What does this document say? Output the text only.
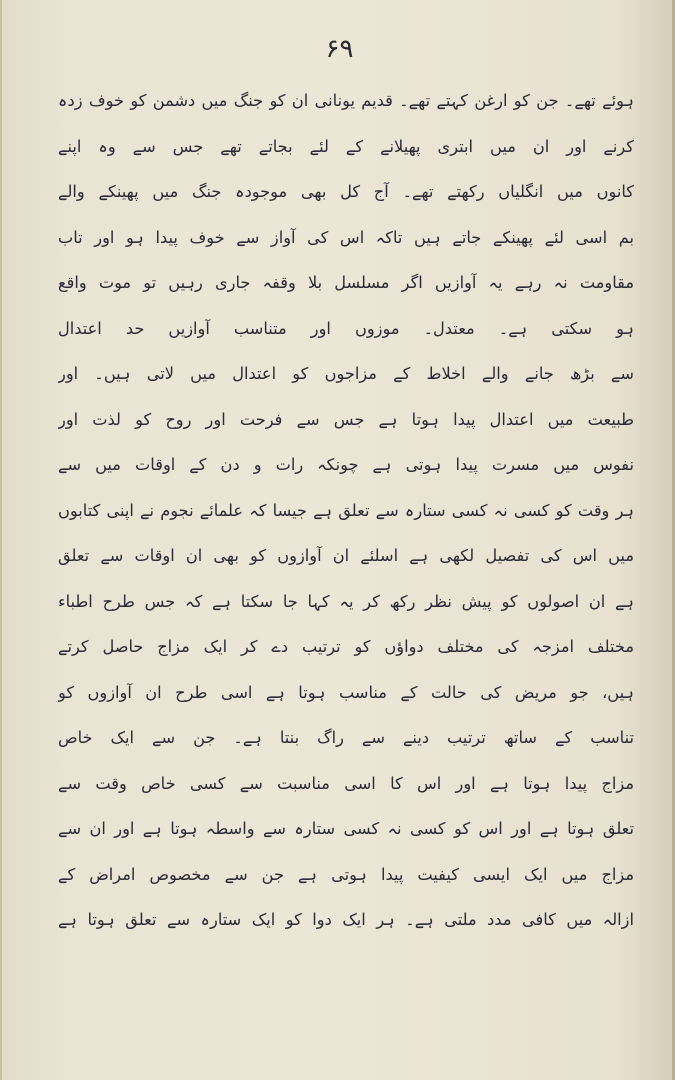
۶۹
ہوئے تھے۔ جن کو ارغن کہتے تھے۔ قدیم یونانی ان کو جنگ میں دشمن کو خوف زدہ
کرنے اور ان میں ابتری پھیلانے کے لئے بجاتے تھے جس سے وہ اپنے
کانوں میں انگلیاں رکھتے تھے۔ آج کل بھی موجودہ جنگ میں پھینکے والے
بم اسی لئے پھینکے جاتے ہیں تاکہ اس کی آواز سے خوف پیدا ہو اور تاب
مقاومت نہ رہے یہ آوازیں اگر مسلسل بلا وقفہ جاری رہیں تو موت واقع
ہو سکتی ہے۔ معتدل۔ موزوں اور متناسب آوازیں حد اعتدال
سے بڑھ جانے والے اخلاط کے مزاجوں کو اعتدال میں لاتی ہیں۔ اور
طبیعت میں اعتدال پیدا ہوتا ہے جس سے فرحت اور روح کو لذت اور
نفوس میں مسرت پیدا ہوتی ہے چونکہ رات و دن کے اوقات میں سے
ہر وقت کو کسی نہ کسی ستارہ سے تعلق ہے جیسا کہ علمائے نجوم نے اپنی کتابوں
میں اس کی تفصیل لکھی ہے اسلئے ان آوازوں کو بھی ان اوقات سے تعلق
ہے ان اصولوں کو پیش نظر رکھ کر یہ کہا جا سکتا ہے کہ جس طرح اطباء
مختلف امزجہ کی مختلف دواؤں کو ترتیب دے کر ایک مزاج حاصل کرتے
ہیں، جو مریض کی حالت کے مناسب ہوتا ہے اسی طرح ان آوازوں کو
تناسب کے ساتھ ترتیب دینے سے راگ بنتا ہے۔ جن سے ایک خاص
مزاج پیدا ہوتا ہے اور اس کا اسی مناسبت سے کسی خاص وقت سے
تعلق ہوتا ہے اور اس کو کسی نہ کسی ستارہ سے واسطہ ہوتا ہے اور ان سے
مزاج میں ایک ایسی کیفیت پیدا ہوتی ہے جن سے مخصوص امراض کے
ازالہ میں کافی مدد ملتی ہے۔ ہر ایک دوا کو ایک ستارہ سے تعلق ہوتا ہے
